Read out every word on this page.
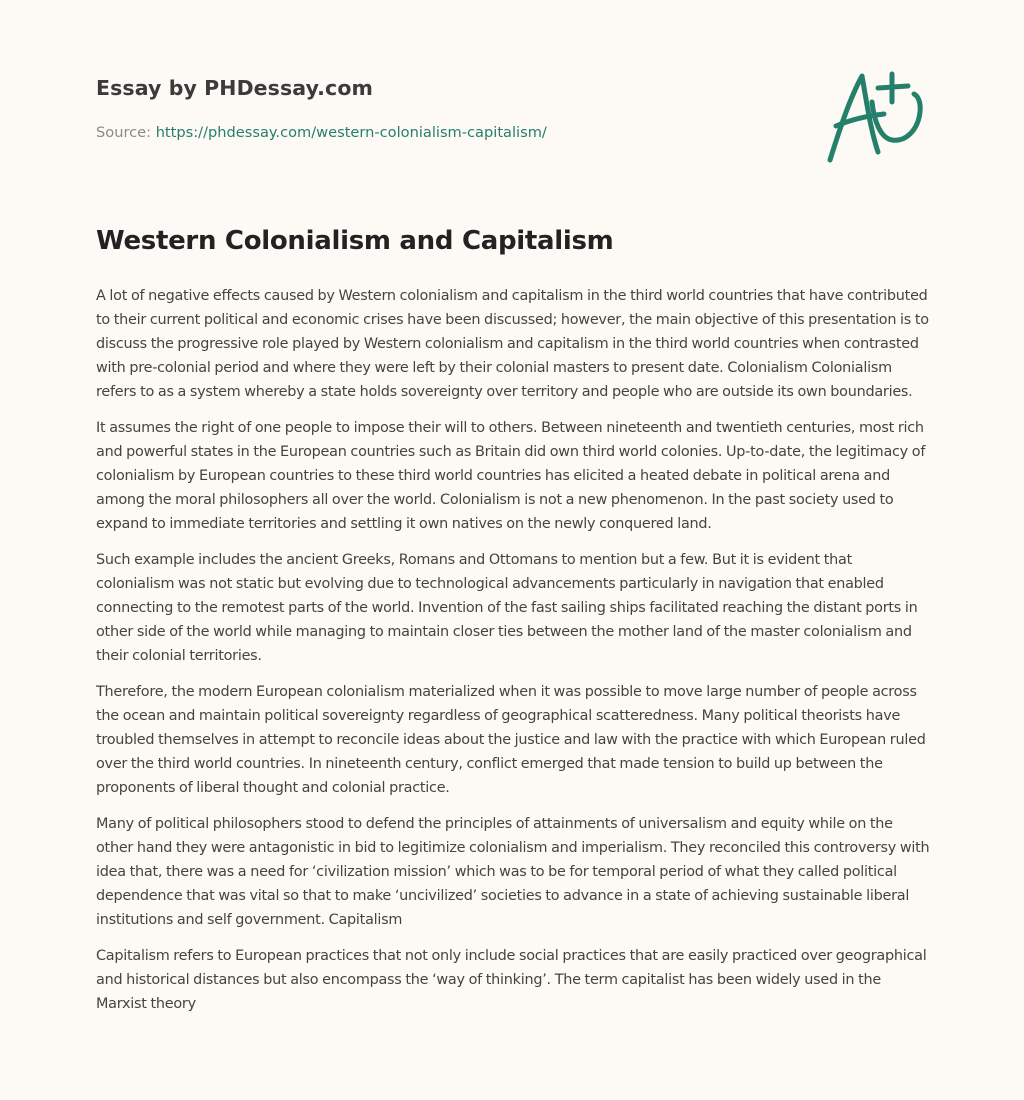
Essay by PHDessay.com
Source: https://phdessay.com/western-colonialism-capitalism/
Western Colonialism and Capitalism

A lot of negative effects caused by Western colonialism and capitalism in the third world countries that have contributed to their current political and economic crises have been discussed; however, the main objective of this presentation is to discuss the progressive role played by Western colonialism and capitalism in the third world countries when contrasted with pre-colonial period and where they were left by their colonial masters to present date. Colonialism Colonialism refers to as a system whereby a state holds sovereignty over territory and people who are outside its own boundaries.

It assumes the right of one people to impose their will to others. Between nineteenth and twentieth centuries, most rich and powerful states in the European countries such as Britain did own third world colonies. Up-to-date, the legitimacy of colonialism by European countries to these third world countries has elicited a heated debate in political arena and among the moral philosophers all over the world. Colonialism is not a new phenomenon. In the past society used to expand to immediate territories and settling it own natives on the newly conquered land.

Such example includes the ancient Greeks, Romans and Ottomans to mention but a few. But it is evident that colonialism was not static but evolving due to technological advancements particularly in navigation that enabled connecting to the remotest parts of the world. Invention of the fast sailing ships facilitated reaching the distant ports in other side of the world while managing to maintain closer ties between the mother land of the master colonialism and their colonial territories.

Therefore, the modern European colonialism materialized when it was possible to move large number of people across the ocean and maintain political sovereignty regardless of geographical scatteredness. Many political theorists have troubled themselves in attempt to reconcile ideas about the justice and law with the practice with which European ruled over the third world countries. In nineteenth century, conflict emerged that made tension to build up between the proponents of liberal thought and colonial practice.

Many of political philosophers stood to defend the principles of attainments of universalism and equity while on the other hand they were antagonistic in bid to legitimize colonialism and imperialism. They reconciled this controversy with idea that, there was a need for ‘civilization mission’ which was to be for temporal period of what they called political dependence that was vital so that to make ‘uncivilized’ societies to advance in a state of achieving sustainable liberal institutions and self government. Capitalism

Capitalism refers to European practices that not only include social practices that are easily practiced over geographical and historical distances but also encompass the ‘way of thinking’. The term capitalist has been widely used in the Marxist theory
